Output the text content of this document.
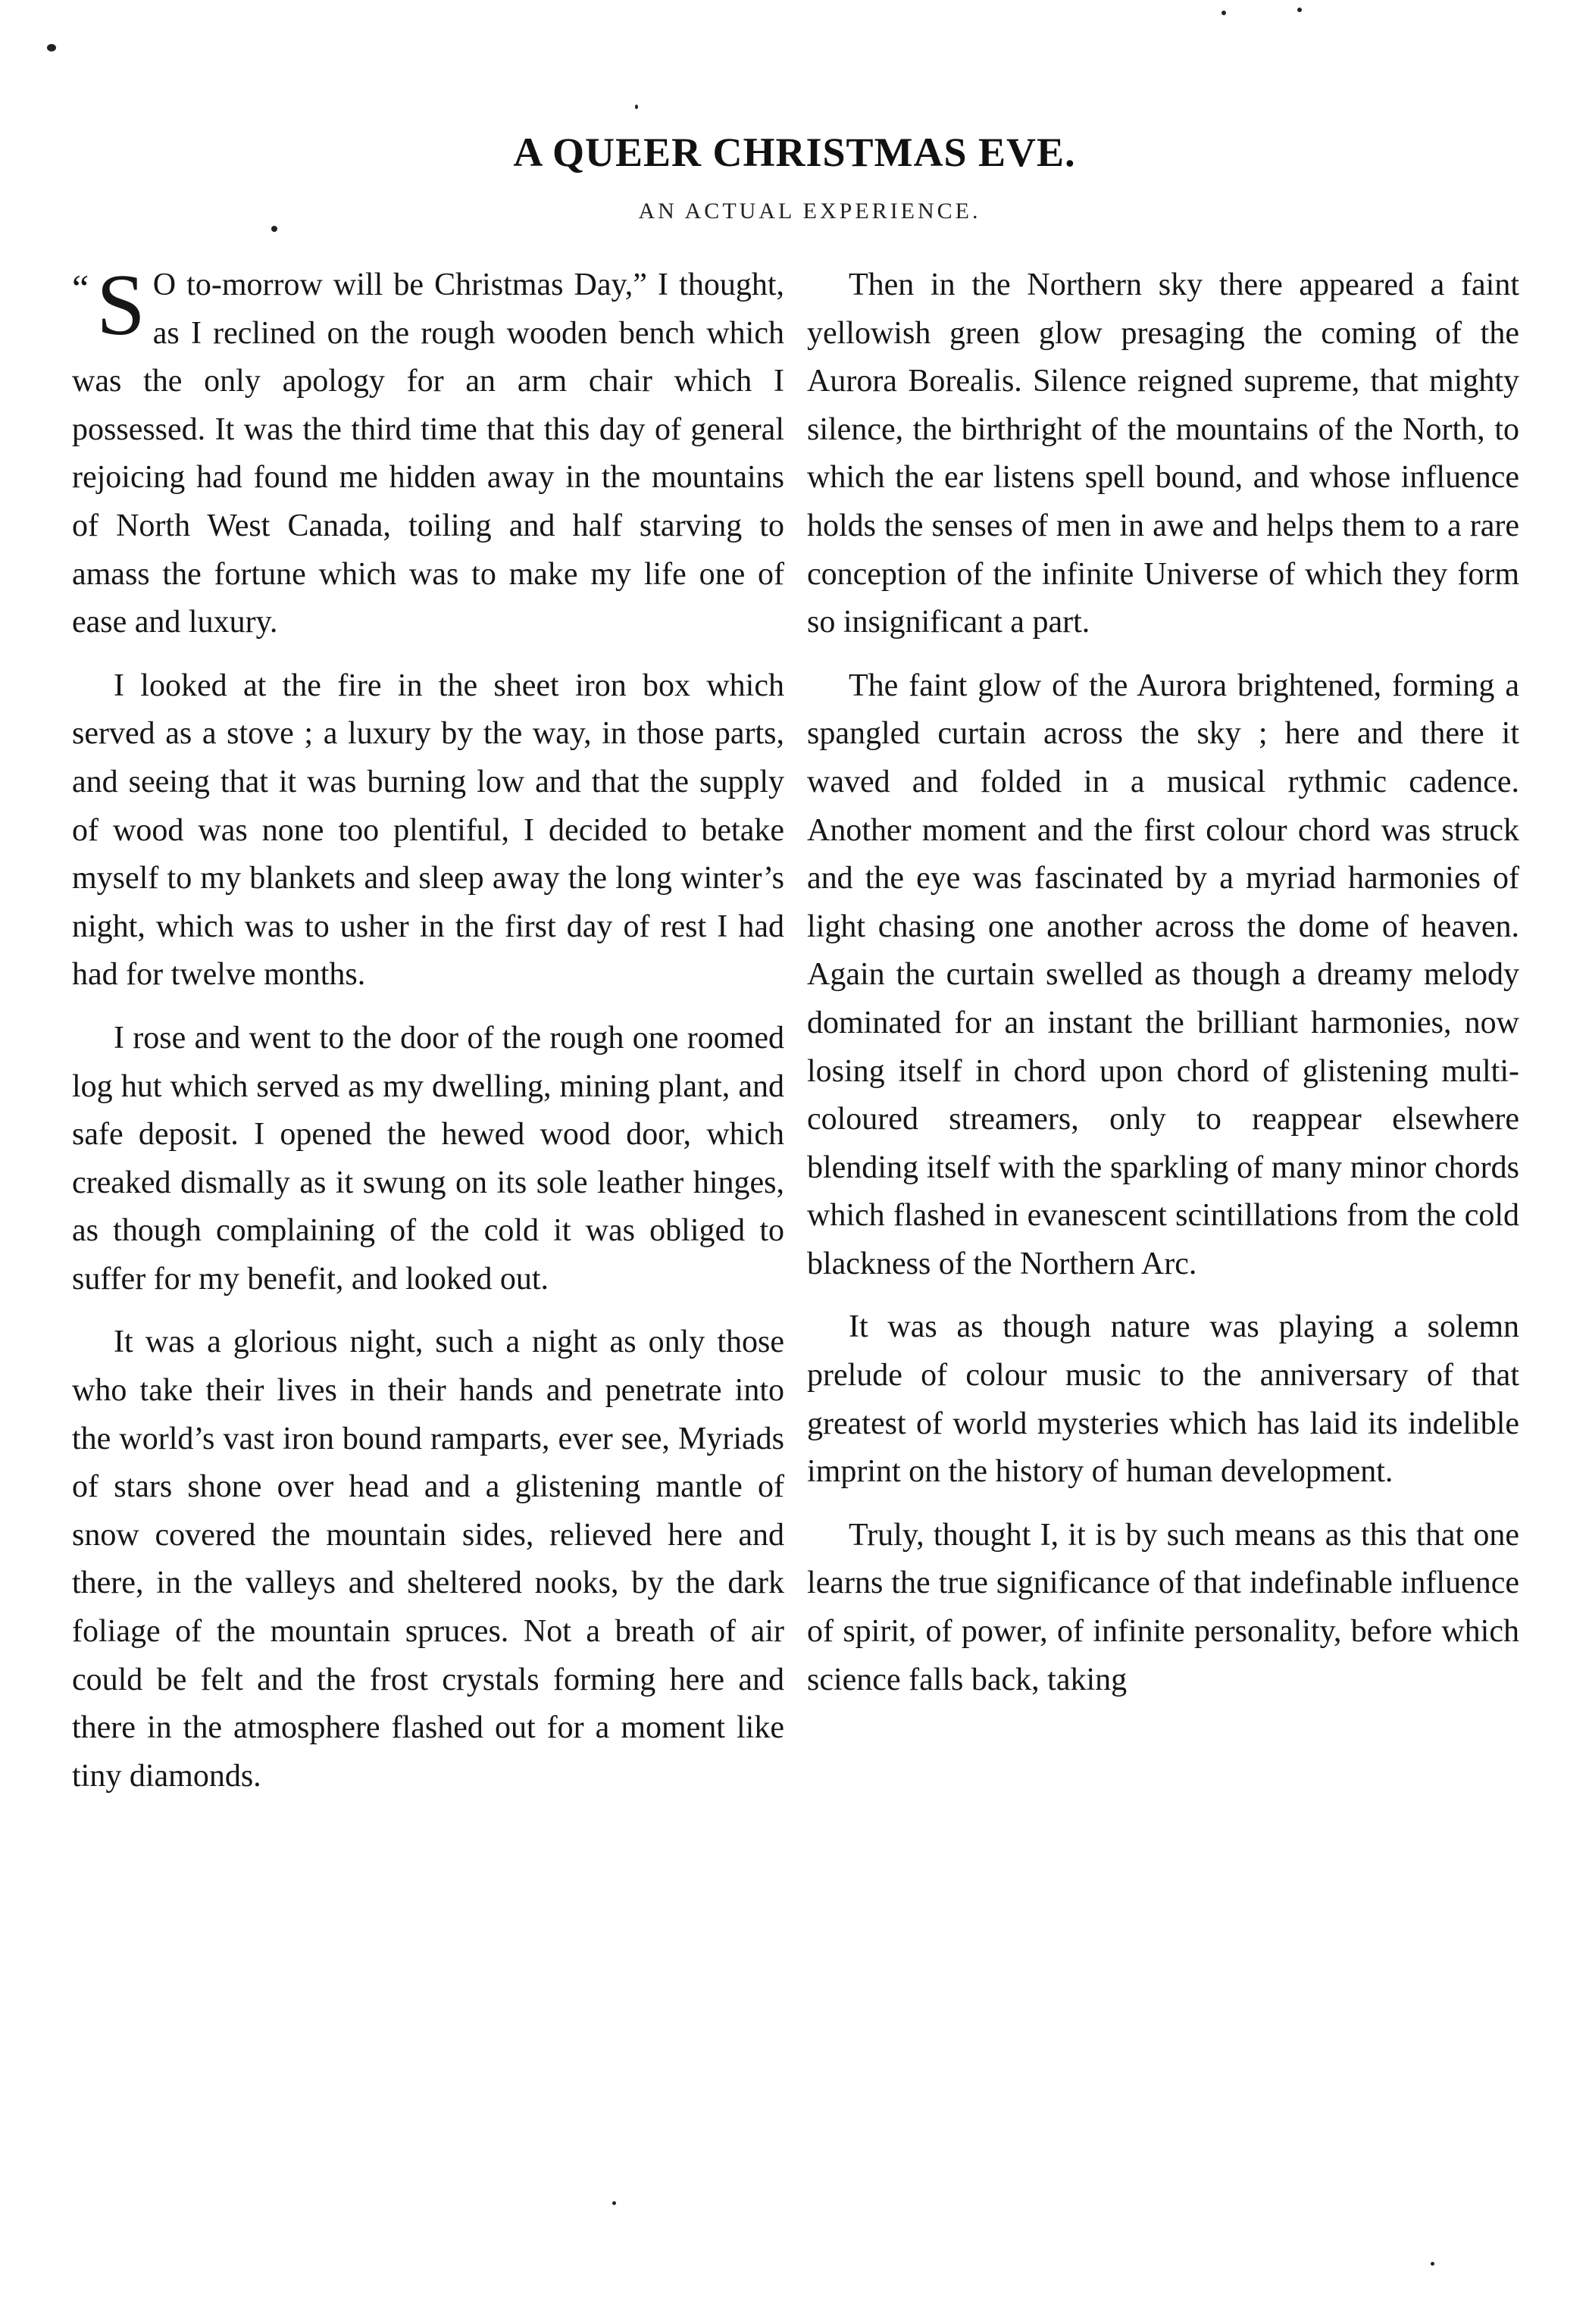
A QUEER CHRISTMAS EVE.
AN ACTUAL EXPERIENCE.

“ S O to-morrow will be Christmas Day,” I thought, as I reclined on the rough wooden bench which was the only apology for an arm chair which I possessed. It was the third time that this day of general rejoicing had found me hidden away in the mountains of North West Canada, toiling and half starving to amass the fortune which was to make my life one of ease and luxury.

I looked at the fire in the sheet iron box which served as a stove ; a luxury by the way, in those parts, and seeing that it was burning low and that the supply of wood was none too plentiful, I decided to betake myself to my blankets and sleep away the long winter’s night, which was to usher in the first day of rest I had had for twelve months.

I rose and went to the door of the rough one roomed log hut which served as my dwelling, mining plant, and safe deposit. I opened the hewed wood door, which creaked dismally as it swung on its sole leather hinges, as though complaining of the cold it was obliged to suffer for my benefit, and looked out.

It was a glorious night, such a night as only those who take their lives in their hands and penetrate into the world’s vast iron bound ramparts, ever see, Myriads of stars shone over head and a glistening mantle of snow covered the mountain sides, relieved here and there, in the valleys and sheltered nooks, by the dark foliage of the mountain spruces. Not a breath of air could be felt and the frost crystals forming here and there in the atmosphere flashed out for a moment like tiny diamonds.

Then in the Northern sky there appeared a faint yellowish green glow presaging the coming of the Aurora Borealis. Silence reigned supreme, that mighty silence, the birthright of the mountains of the North, to which the ear listens spell bound, and whose influence holds the senses of men in awe and helps them to a rare conception of the infinite Universe of which they form so insignificant a part.

The faint glow of the Aurora brightened, forming a spangled curtain across the sky ; here and there it waved and folded in a musical rythmic cadence. Another moment and the first colour chord was struck and the eye was fascinated by a myriad harmonies of light chasing one another across the dome of heaven. Again the curtain swelled as though a dreamy melody dominated for an instant the brilliant harmonies, now losing itself in chord upon chord of glistening multi-coloured streamers, only to reappear elsewhere blending itself with the sparkling of many minor chords which flashed in evanescent scintillations from the cold blackness of the Northern Arc.

It was as though nature was playing a solemn prelude of colour music to the anniversary of that greatest of world mysteries which has laid its indelible imprint on the history of human development.

Truly, thought I, it is by such means as this that one learns the true significance of that indefinable influence of spirit, of power, of infinite personality, before which science falls back, taking
